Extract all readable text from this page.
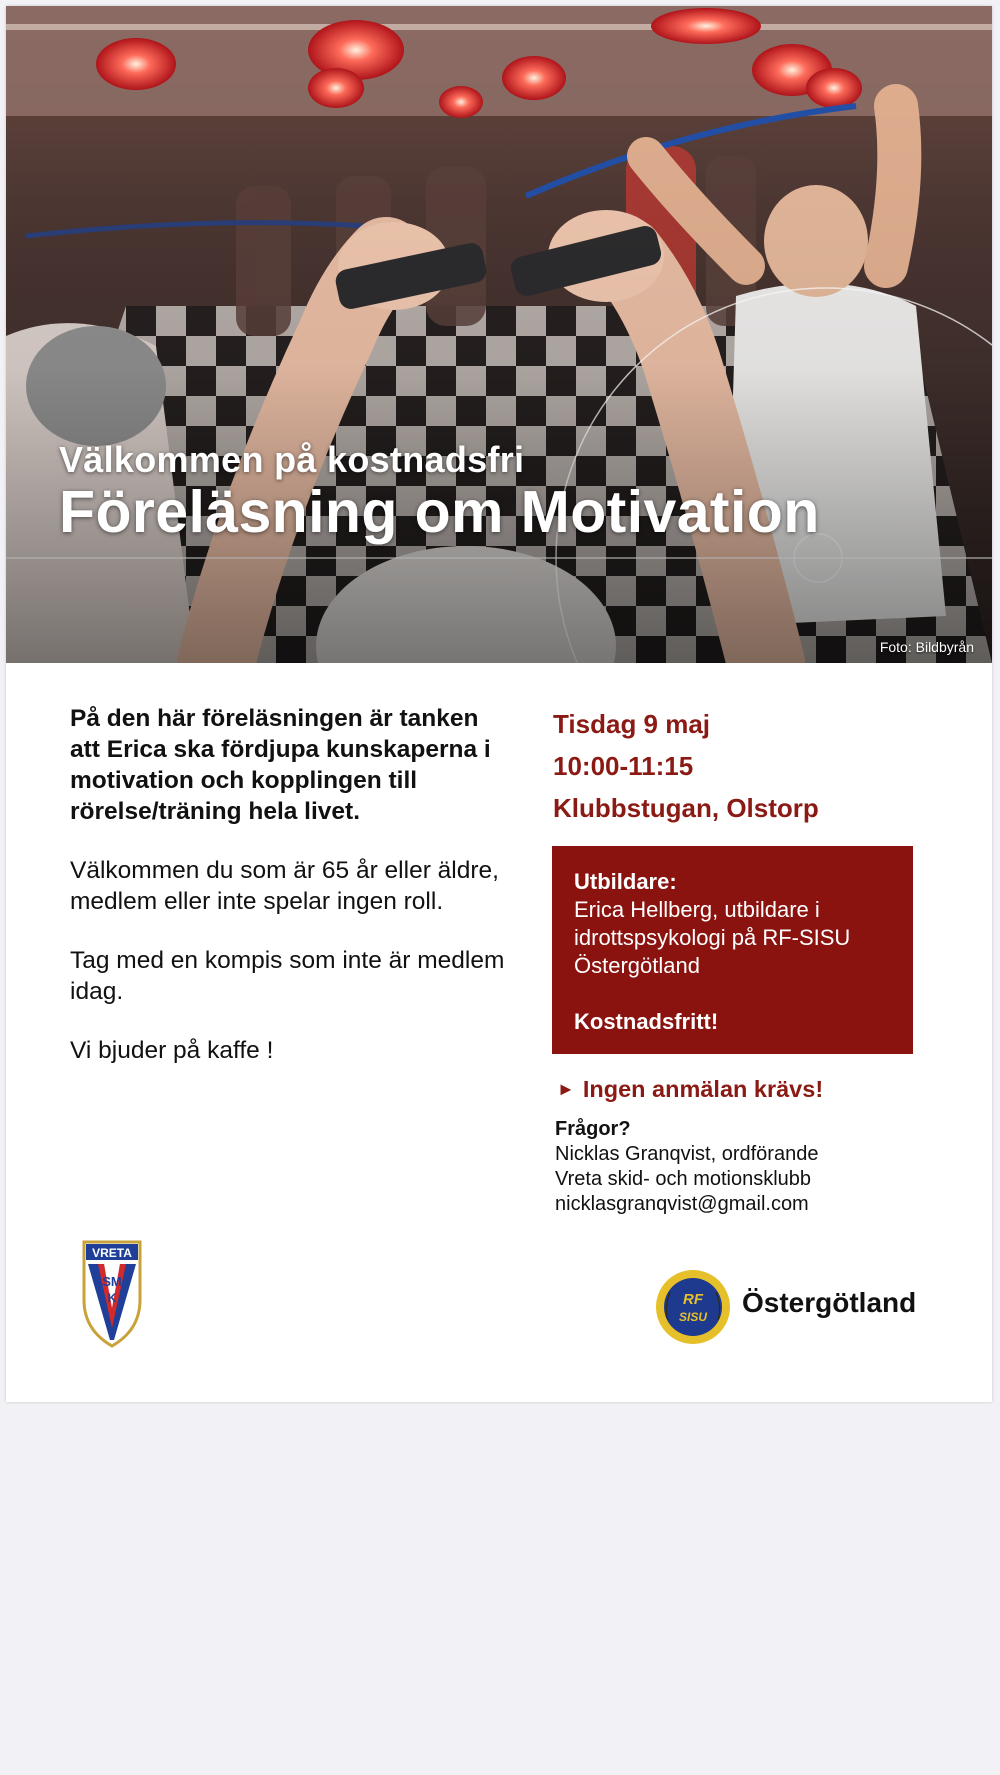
Välkommen på kostnadsfri
Föreläsning om Motivation
Foto: Bildbyrån

På den här föreläsningen är tanken att Erica ska fördjupa kunskaperna i motivation och kopplingen till rörelse/träning hela livet.

Välkommen du som är 65 år eller äldre, medlem eller inte spelar ingen roll.

Tag med en kompis som inte är medlem idag.

Vi bjuder på kaffe !

Tisdag 9 maj
10:00-11:15
Klubbstugan, Olstorp
Utbildare:
Erica Hellberg, utbildare i idrottspsykologi på RF-SISU Östergötland
Kostnadsfritt!
► Ingen anmälan krävs!
Frågor?
Nicklas Granqvist, ordförande
Vreta skid- och motionsklubb
nicklasgranqvist@gmail.com
VRETA
SM
K	RF
SISU Östergötland
